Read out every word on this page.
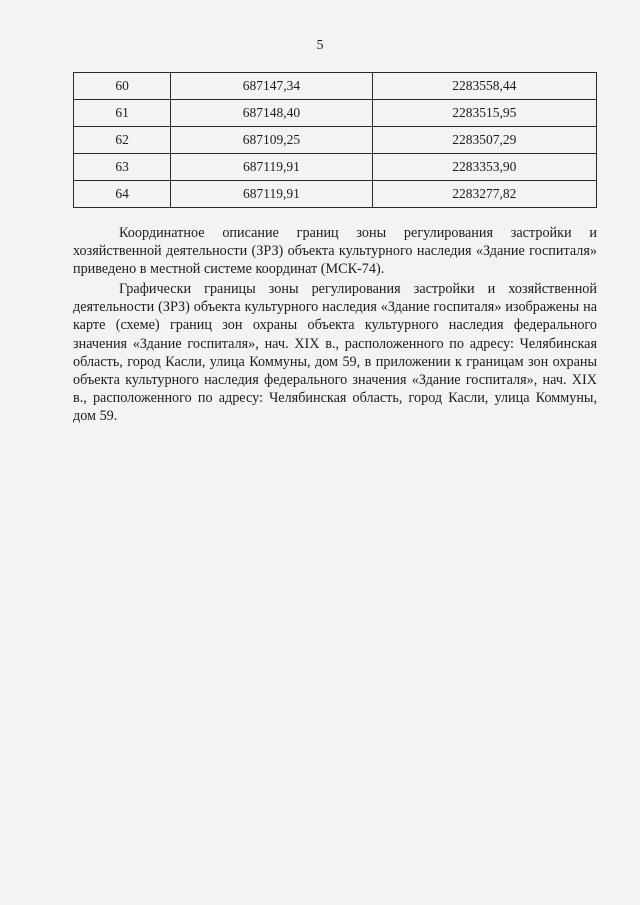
5
60	687147,34	2283558,44
61	687148,40	2283515,95
62	687109,25	2283507,29
63	687119,91	2283353,90
64	687119,91	2283277,82

Координатное описание границ зоны регулирования застройки и хозяйственной деятельности (ЗРЗ) объекта культурного наследия «Здание госпиталя» приведено в местной системе координат (МСК-74).

Графически границы зоны регулирования застройки и хозяйственной деятельности (ЗРЗ) объекта культурного наследия «Здание госпиталя» изображены на карте (схеме) границ зон охраны объекта культурного наследия федерального значения «Здание госпиталя», нач. XIX в., расположенного по адресу: Челябинская область, город Касли, улица Коммуны, дом 59, в приложении к границам зон охраны объекта культурного наследия федерального значения «Здание госпиталя», нач. XIX в., расположенного по адресу: Челябинская область, город Касли, улица Коммуны, дом 59.
